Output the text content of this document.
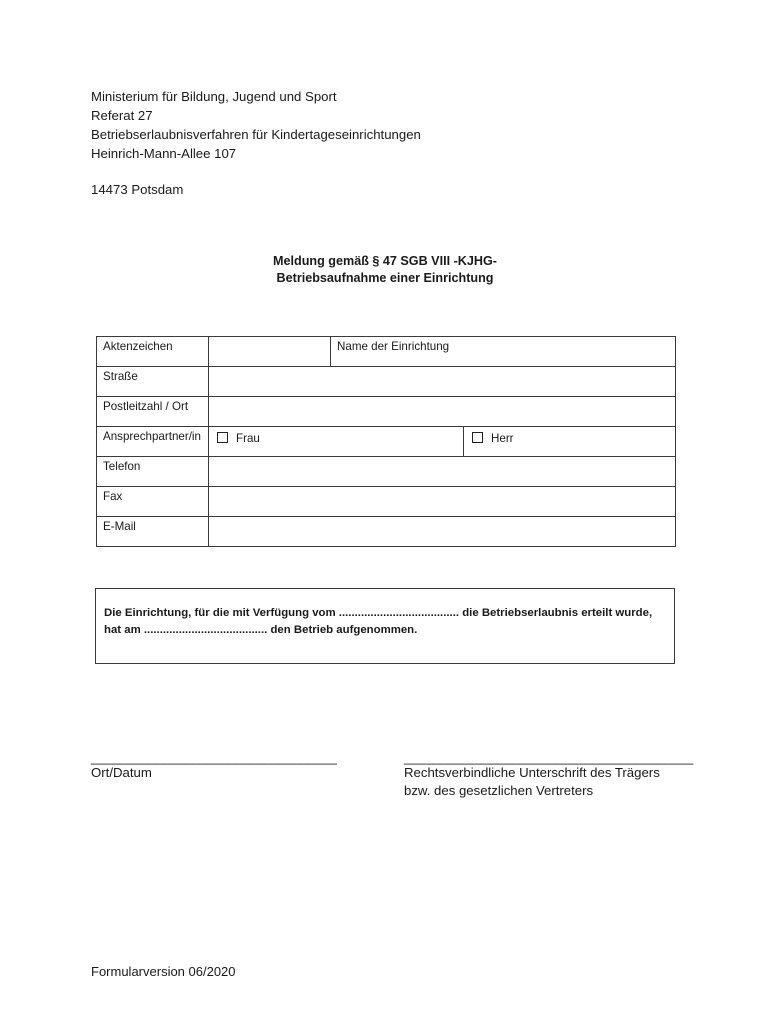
Ministerium für Bildung, Jugend und Sport
Referat 27
Betriebserlaubnisverfahren für Kindertageseinrichtungen
Heinrich-Mann-Allee 107
14473 Potsdam
Meldung gemäß § 47 SGB VIII -KJHG-
Betriebsaufnahme einer Einrichtung
Aktenzeichen		Name der Einrichtung	
Straße			
Postleitzahl / Ort			
Ansprechpartner/in	Frau		Herr
Telefon			
Fax			
E-Mail			
Die Einrichtung, für die mit Verfügung vom ...................................... die Betriebserlaubnis erteilt wurde,
hat am ....................................... den Betrieb aufgenommen.
__________________________________	________________________________________
Ort/Datum	Rechtsverbindliche Unterschrift des Trägers
bzw. des gesetzlichen Vertreters
Formularversion 06/2020
